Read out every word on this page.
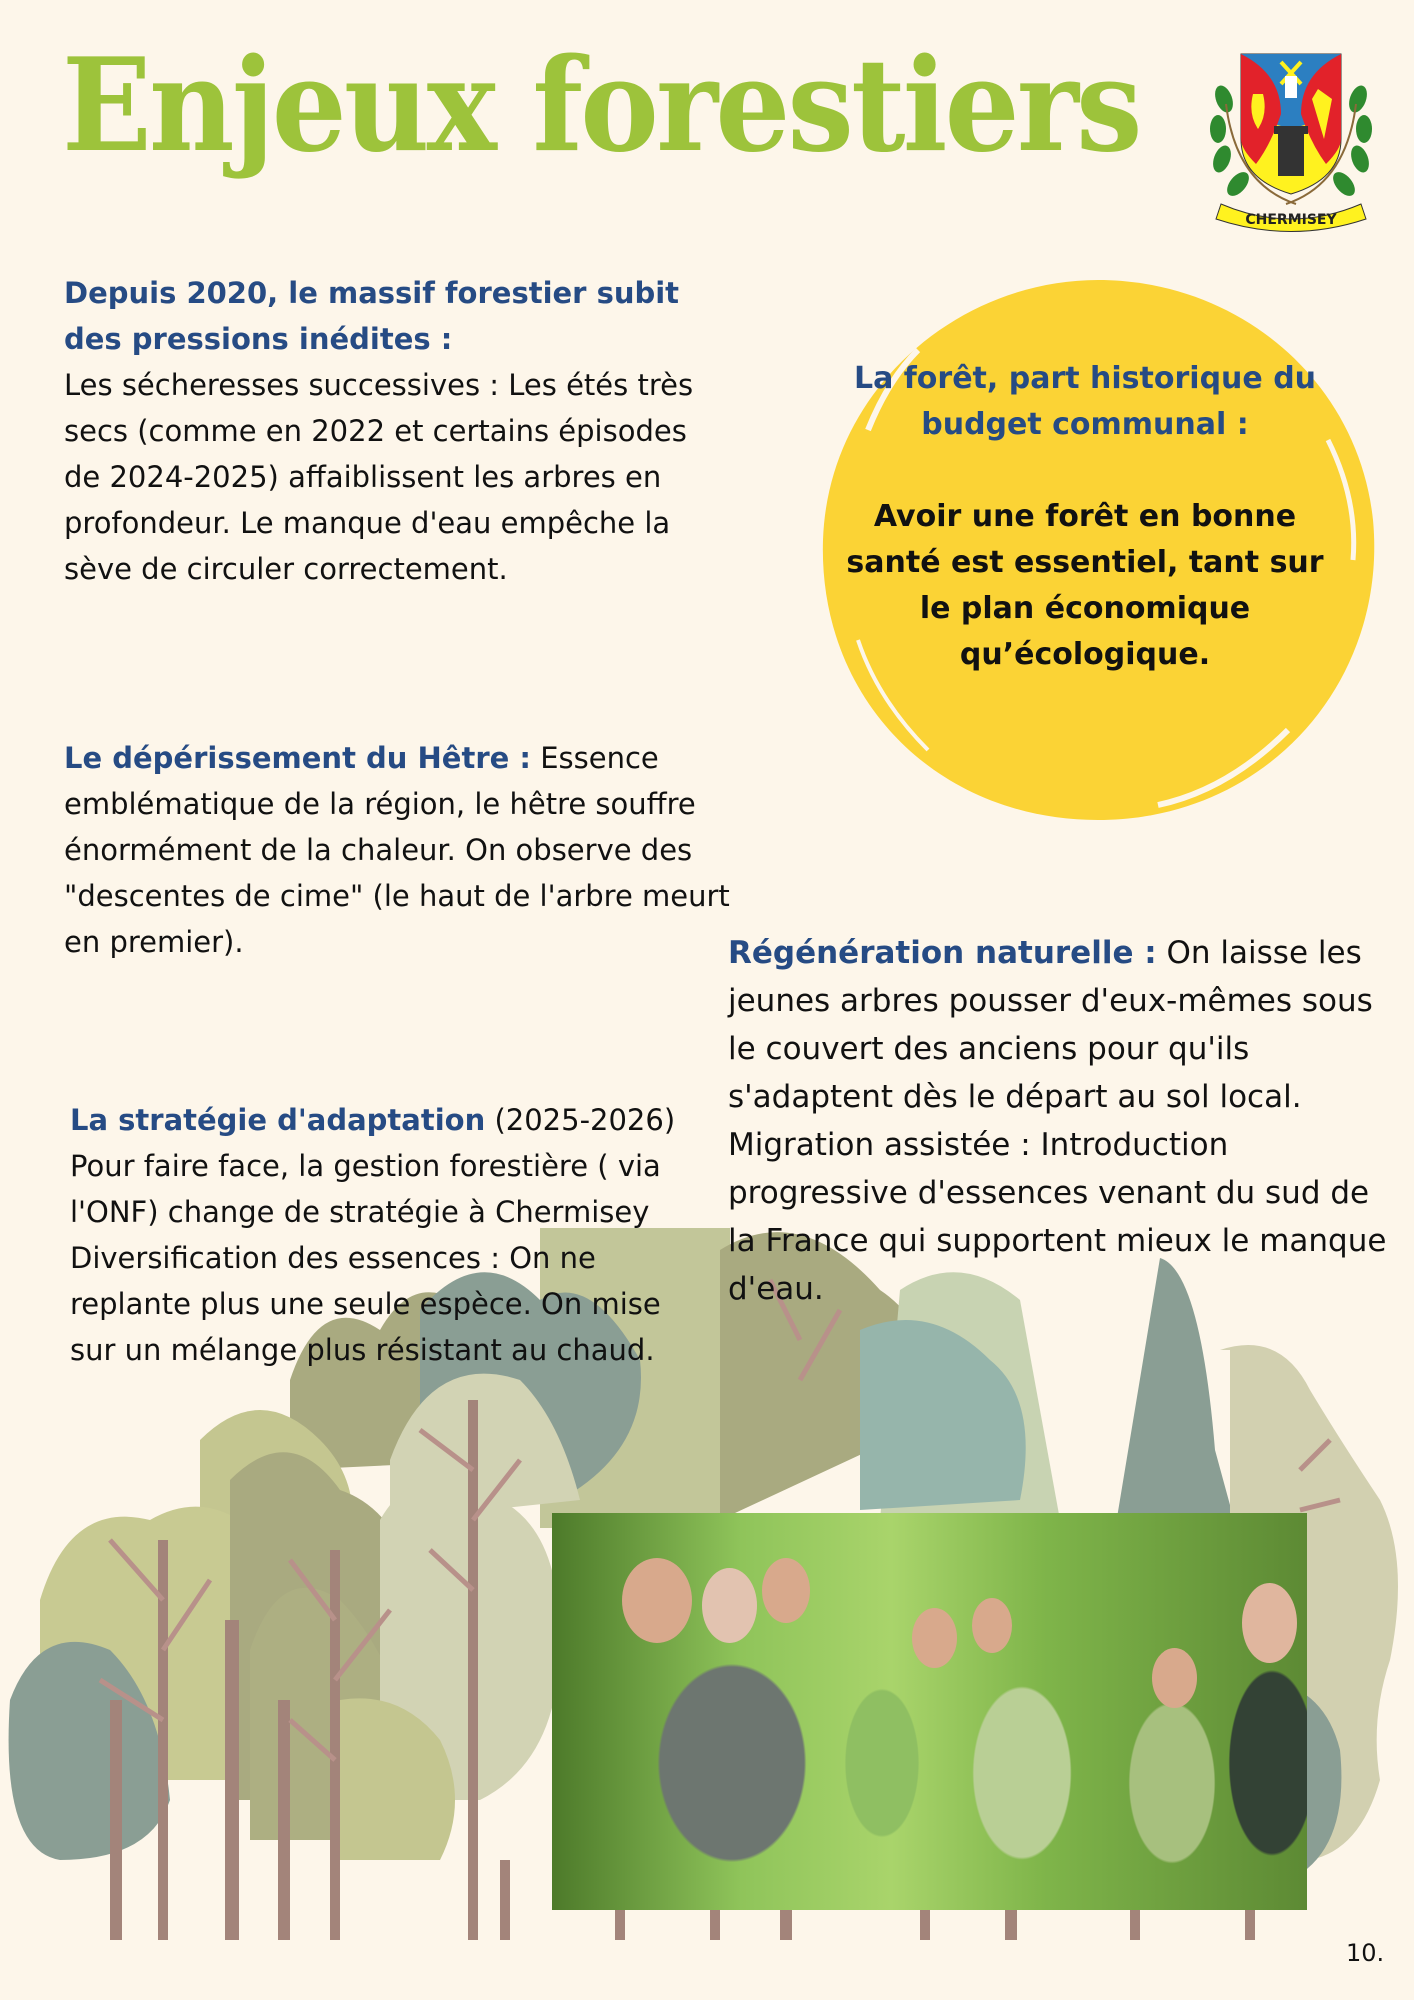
Enjeux forestiers
CHERMISEY
Depuis 2020, le massif forestier subit des pressions inédites :
Les sécheresses successives : Les étés très secs (comme en 2022 et certains épisodes de 2024-2025) affaiblissent les arbres en profondeur. Le manque d'eau empêche la sève de circuler correctement.
La forêt, part historique du budget communal :
Avoir une forêt en bonne santé est essentiel, tant sur le plan économique qu’écologique.
Le dépérissement du Hêtre : Essence emblématique de la région, le hêtre souffre énormément de la chaleur. On observe des "descentes de cime" (le haut de l'arbre meurt en premier).	Régénération naturelle : On laisse les jeunes arbres pousser d'eux-mêmes sous le couvert des anciens pour qu'ils s'adaptent dès le départ au sol local. Migration assistée : Introduction progressive d'essences venant du sud de la France qui supportent mieux le manque d'eau.
La stratégie d'adaptation (2025-2026) Pour faire face, la gestion forestière ( via l'ONF) change de stratégie à Chermisey Diversification des essences : On ne replante plus une seule espèce. On mise sur un mélange plus résistant au chaud.
10.
